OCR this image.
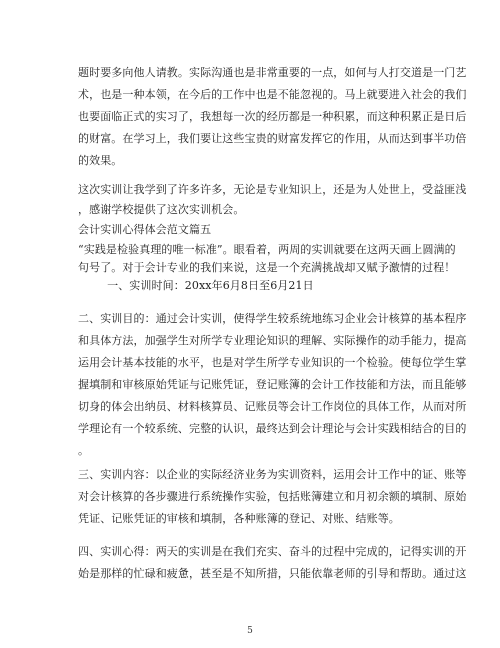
题时要多向他人请教。实际沟通也是非常重要的一点，如何与人打交道是一门艺
术，也是一种本领，在今后的工作中也是不能忽视的。马上就要进入社会的我们
也要面临正式的实习了，我想每一次的经历都是一种积累，而这种积累正是日后
的财富。在学习上，我们要让这些宝贵的财富发挥它的作用，从而达到事半功倍
的效果。
这次实训让我学到了许多许多，无论是专业知识上，还是为人处世上，受益匪浅
，感谢学校提供了这次实训机会。
会计实训心得体会范文篇五
“实践是检验真理的唯一标准”。眼看着，两周的实训就要在这两天画上圆满的
句号了。对于会计专业的我们来说，这是一个充满挑战却又赋予激情的过程！
　一、实训时间：20xx年6月8日至6月21日
二、实训目的：通过会计实训，使得学生较系统地练习企业会计核算的基本程序
和具体方法，加强学生对所学专业理论知识的理解、实际操作的动手能力，提高
运用会计基本技能的水平，也是对学生所学专业知识的一个检验。使每位学生掌
握填制和审核原始凭证与记账凭证，登记账簿的会计工作技能和方法，而且能够
切身的体会出纳员、材料核算员、记账员等会计工作岗位的具体工作，从而对所
学理论有一个较系统、完整的认识，最终达到会计理论与会计实践相结合的目的
。
三、实训内容：以企业的实际经济业务为实训资料，运用会计工作中的证、账等
对会计核算的各步骤进行系统操作实验，包括账簿建立和月初余额的填制、原始
凭证、记账凭证的审核和填制，各种账簿的登记、对账、结账等。
四、实训心得：两天的实训是在我们充实、奋斗的过程中完成的，记得实训的开
始是那样的忙碌和疲惫，甚至是不知所措，只能依靠老师的引导和帮助。通过这
5
